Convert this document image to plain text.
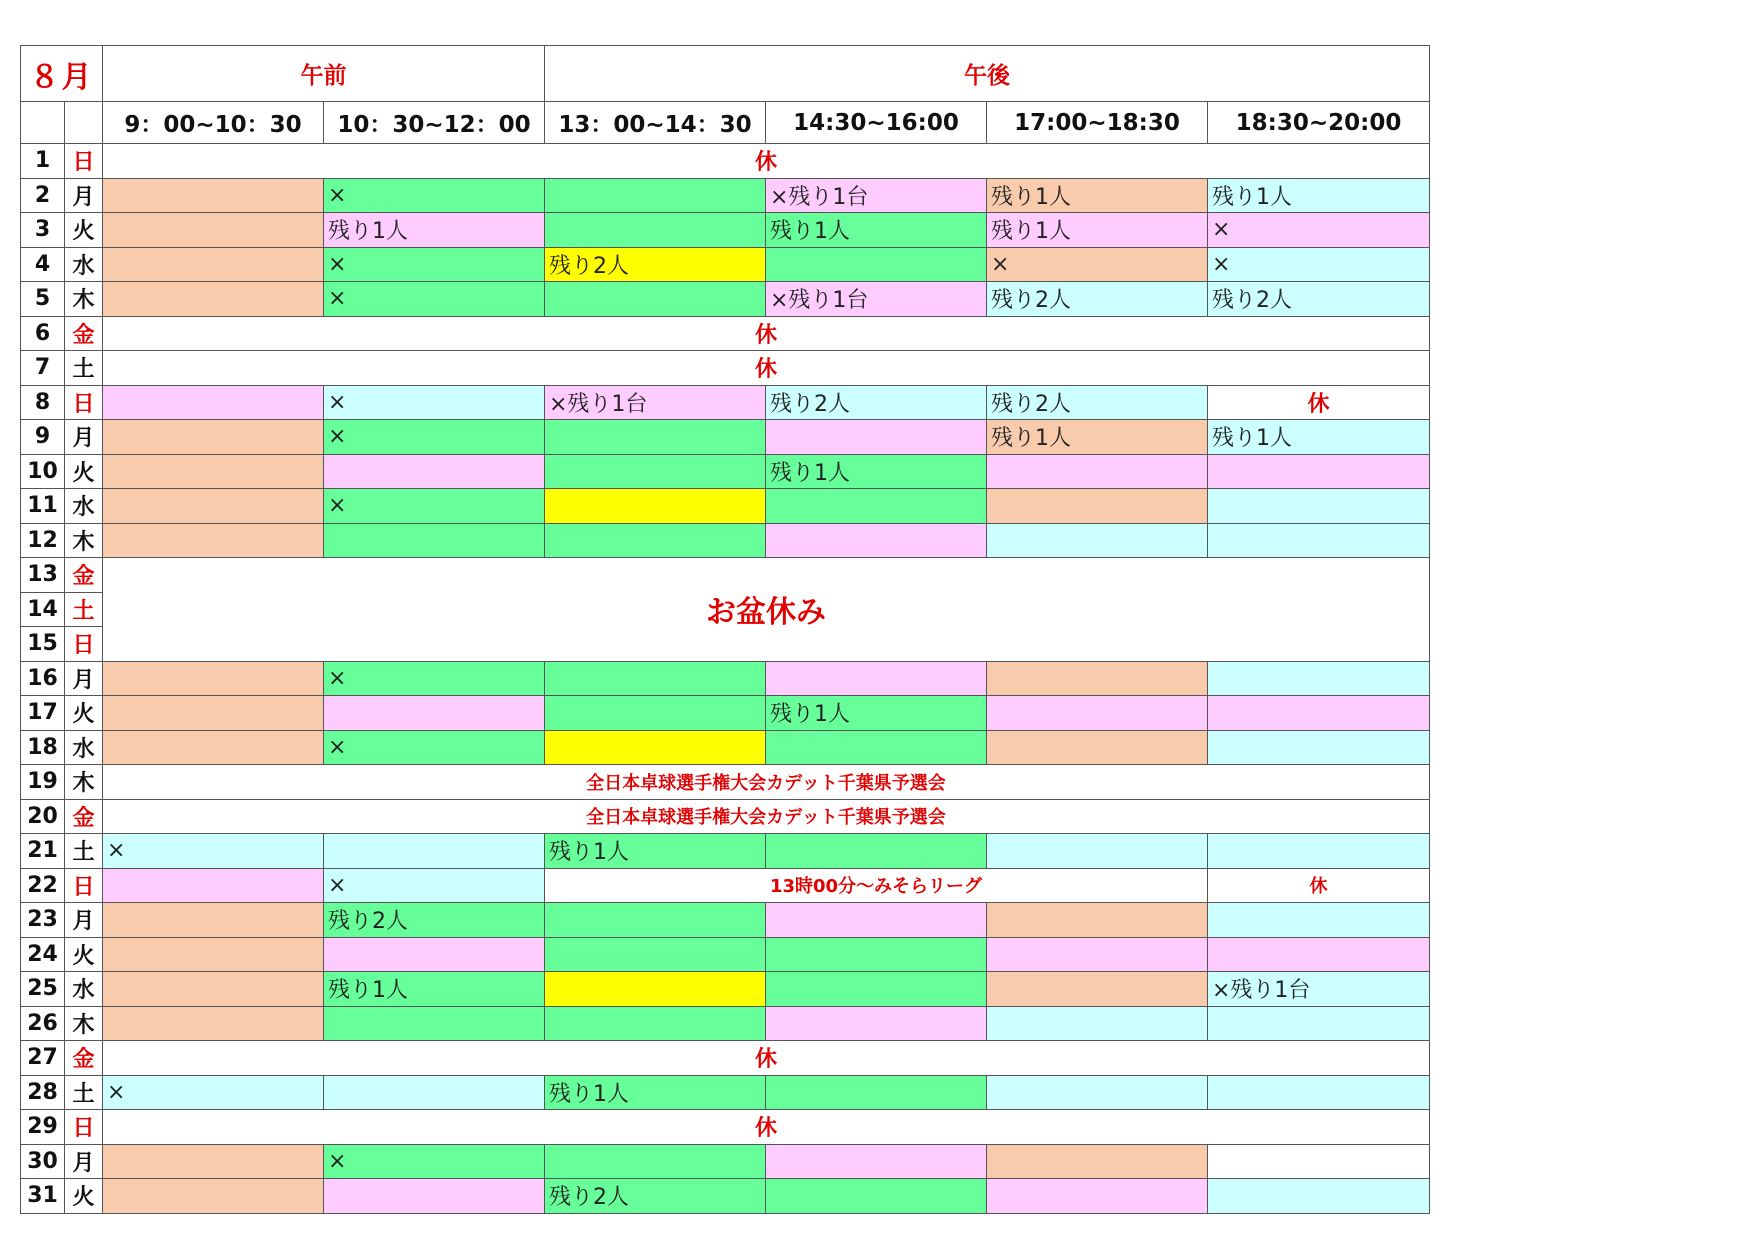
８月		午前		午後			
		9：00~10：30	10：30~12：00	13：00~14：30	14:30~16:00	17:00~18:30	18:30~20:00
1	日	休					
2	月		×		×残り1台	残り1人	残り1人
3	火		残り1人		残り1人	残り1人	×
4	水		×	残り2人		×	×
5	木		×		×残り1台	残り2人	残り2人
6	金	休					
7	土	休					
8	日		×	×残り1台	残り2人	残り2人	休
9	月		×			残り1人	残り1人
10	火				残り1人		
11	水		×				
12	木						
13	金	お盆休み					
14	土						
15	日						
16	月		×				
17	火				残り1人		
18	水		×				
19	木	全日本卓球選手権大会カデット千葉県予選会					
20	金	全日本卓球選手権大会カデット千葉県予選会					
21	土	×		残り1人			
22	日		×	13時00分～みそらリーグ			休
23	月		残り2人				
24	火						
25	水		残り1人				×残り1台
26	木						
27	金	休					
28	土	×		残り1人			
29	日	休					
30	月		×				
31	火			残り2人			
